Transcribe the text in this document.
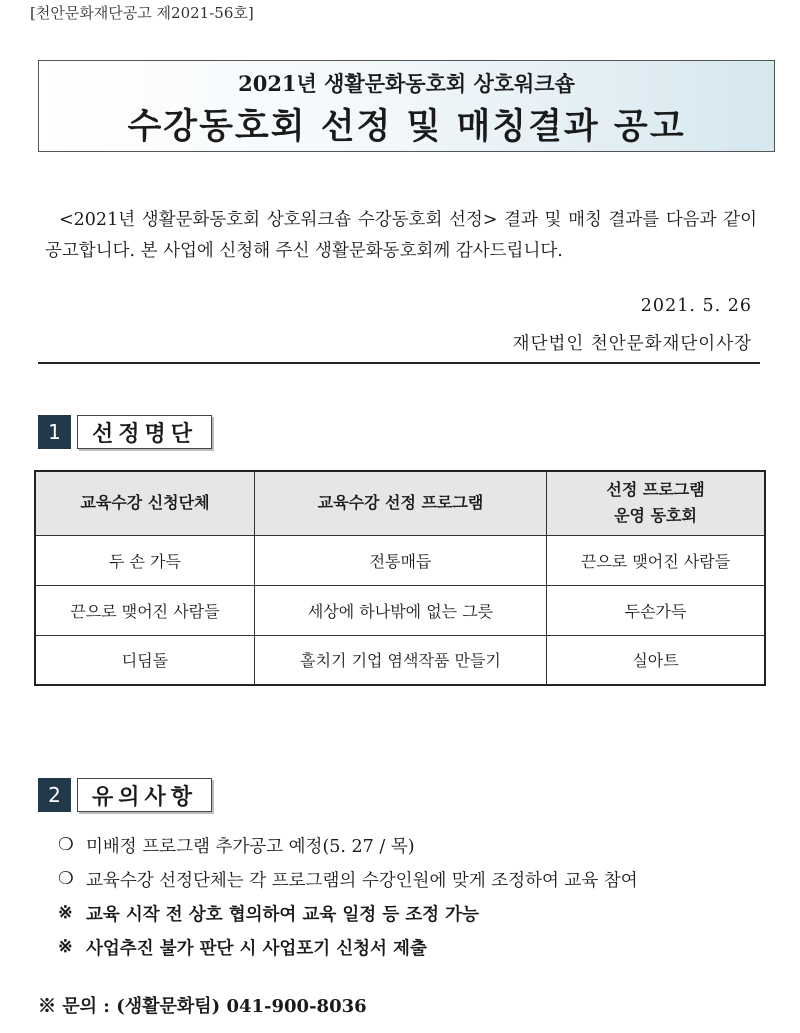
[천안문화재단공고 제2021-56호]
2021년 생활문화동호회 상호워크숍
수강동호회 선정 및 매칭결과 공고
<2021년 생활문화동호회 상호워크숍 수강동호회 선정> 결과 및 매칭 결과를 다음과 같이 공고합니다. 본 사업에 신청해 주신 생활문화동호회께 감사드립니다.
2021. 5. 26
재단법인 천안문화재단이사장
1	선정명단
교육수강 신청단체	교육수강 선정 프로그램	선정 프로그램
운영 동호회
두 손 가득	전통매듭	끈으로 맺어진 사람들
끈으로 맺어진 사람들	세상에 하나밖에 없는 그릇	두손가득
디딤돌	홀치기 기업 염색작품 만들기	실아트
2	유의사항
❍ 미배정 프로그램 추가공고 예정(5. 27 / 목)
❍ 교육수강 선정단체는 각 프로그램의 수강인원에 맞게 조정하여 교육 참여
※ 교육 시작 전 상호 협의하여 교육 일정 등 조정 가능
※ 사업추진 불가 판단 시 사업포기 신청서 제출
※ 문의 : (생활문화팀) 041-900-8036
